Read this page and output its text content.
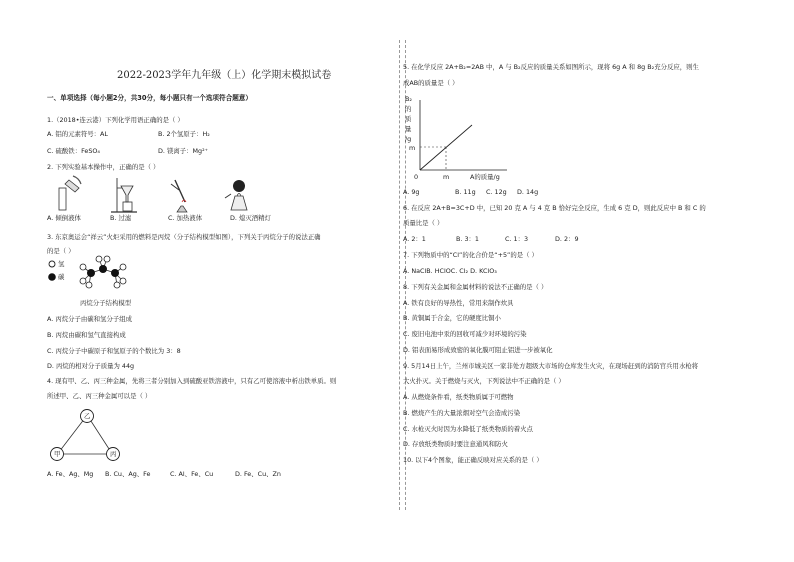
2022-2023学年九年级（上）化学期末模拟试卷
一、单项选择（每小题2分，共30分，每小题只有一个选项符合题意）
1.（2018•连云港）下列化学用语正确的是（ ）
A. 铝的元素符号：AL	B. 2个氢原子：H₂
C. 硫酸铁：FeSO₄	D. 镁离子：Mg²⁺
2. 下列实验基本操作中，正确的是（ ）
A. 倾倒液体	B. 过滤	C. 加热液体	D. 熄灭酒精灯
3. 东京奥运会“祥云”火炬采用的燃料是丙烷（分子结构模型如图），下列关于丙烷分子的说法正确
的是（ ）
氢
碳
丙烷分子结构模型
A. 丙烷分子由碳和氢分子组成
B. 丙烷由碳和氢气直接构成
C. 丙烷分子中碳原子和氢原子的个数比为 3：8
D. 丙烷的相对分子质量为 44g
4. 现有甲、乙、丙三种金属，先将三者分别加入到硫酸亚铁溶液中，只有乙可使溶液中析出铁单质。则
所述甲、乙、丙三种金属可以是（ ）
乙
甲	丙
A. Fe、Ag、Mg B. Cu、Ag、Fe	C. Al、Fe、Cu	D. Fe、Cu、Zn
5. 在化学反应 2A+B₂=2AB 中，A 与 B₂反应的质量关系如图所示，现将 6g A 和 8g B₂充分反应，则生
成AB的质量是（ ）
B₂
的
质
量
/g
m
0	m	A的质量/g
A. 9g	B. 11g C. 12g D. 14g
6. 在反应 2A+B=3C+D 中，已知 20 克 A 与 4 克 B 恰好完全反应，生成 6 克 D，则此反应中 B 和 C 的
质量比是（ ）
A. 2：1	B. 3：1	C. 1：3	D. 2：9
7. 下列物质中的“Cl”的化合价是“+5”的是（ ）
A. NaClB. HClOC. Cl₂ D. KClO₃
8. 下列有关金属和金属材料的说法不正确的是（ ）
A. 铁有良好的导热性，常用来制作炊具
B. 黄铜属于合金，它的硬度比铜小
C. 废旧电池中汞的回收可减少对环境的污染
D. 铝表面易形成致密的氧化膜可阻止铝进一步被氧化
9. 5月14日上午，兰州市城关区一家非处方超级大市场的仓库发生火灾，在现场赶到的消防官兵用水枪将
大火扑灭。关于燃烧与灭火，下列说法中不正确的是（ ）
A. 从燃烧条件看，纸类物质属于可燃物
B. 燃烧产生的大量浓烟对空气会造成污染
C. 水枪灭火时因为水降低了纸类物质的着火点
D. 存放纸类物质时要注意通风和防火
10. 以下4个图象，能正确反映对应关系的是（ ）
